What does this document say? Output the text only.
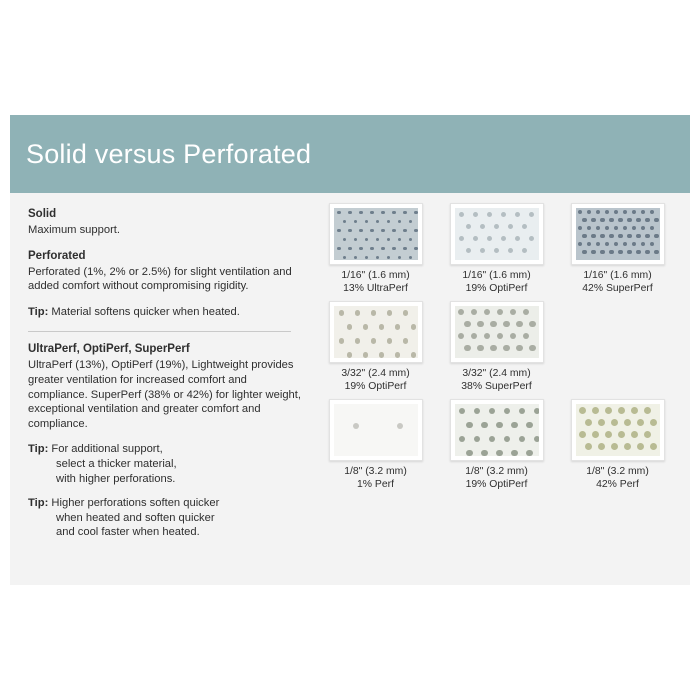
Solid versus Perforated
Solid
Maximum support.
Perforated
Perforated (1%, 2% or 2.5%) for slight ventilation and added comfort without compromising rigidity.
Tip: Material softens quicker when heated.
UltraPerf, OptiPerf, SuperPerf
UltraPerf (13%), OptiPerf (19%), Lightweight provides greater ventilation for increased comfort and compliance. SuperPerf (38% or 42%) for lighter weight, exceptional ventilation and greater comfort and compliance.
Tip: For additional support,
select a thicker material,
with higher perforations.
Tip: Higher perforations soften quicker
when heated and soften quicker
and cool faster when heated.
1/16" (1.6 mm)
13% UltraPerf
1/16" (1.6 mm)
19% OptiPerf
1/16" (1.6 mm)
42% SuperPerf
3/32" (2.4 mm)
19% OptiPerf
3/32" (2.4 mm)
38% SuperPerf
1/8" (3.2 mm)
1% Perf
1/8" (3.2 mm)
19% OptiPerf
1/8" (3.2 mm)
42% Perf
